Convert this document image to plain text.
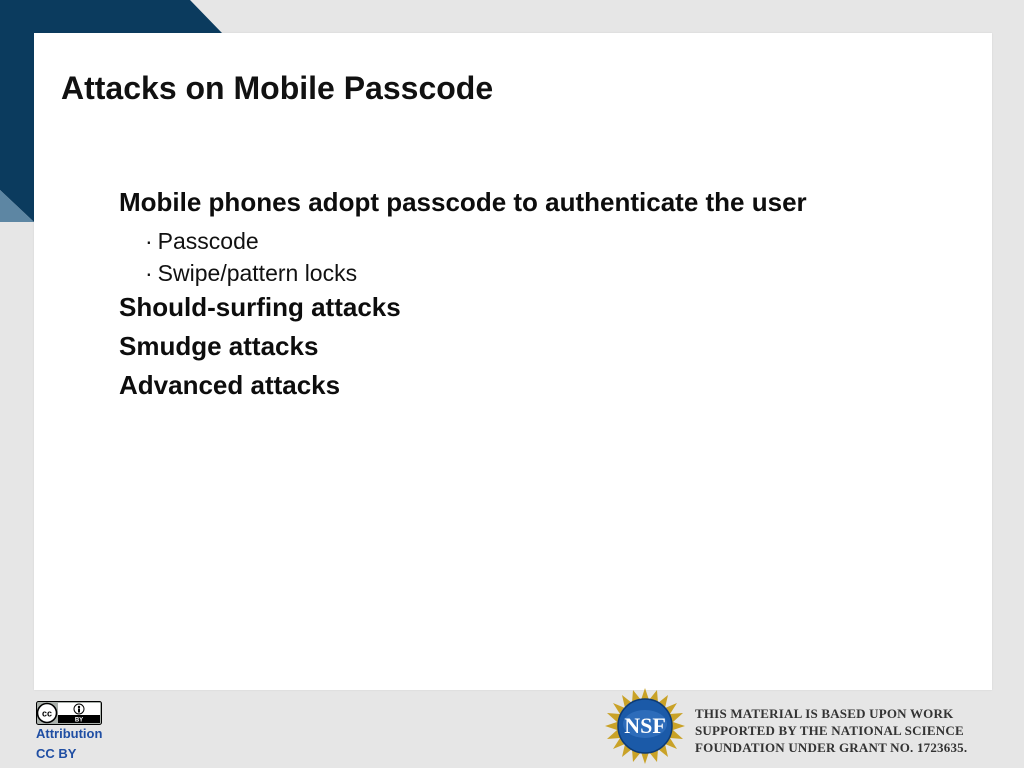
Attacks on Mobile Passcode
Mobile phones adopt passcode to authenticate the user
· Passcode
· Swipe/pattern locks
Should-surfing attacks
Smudge attacks
Advanced attacks
cc
BY
Attribution
CC BY
NSF THIS MATERIAL IS BASED UPON WORK
SUPPORTED BY THE NATIONAL SCIENCE
FOUNDATION UNDER GRANT NO. 1723635.
